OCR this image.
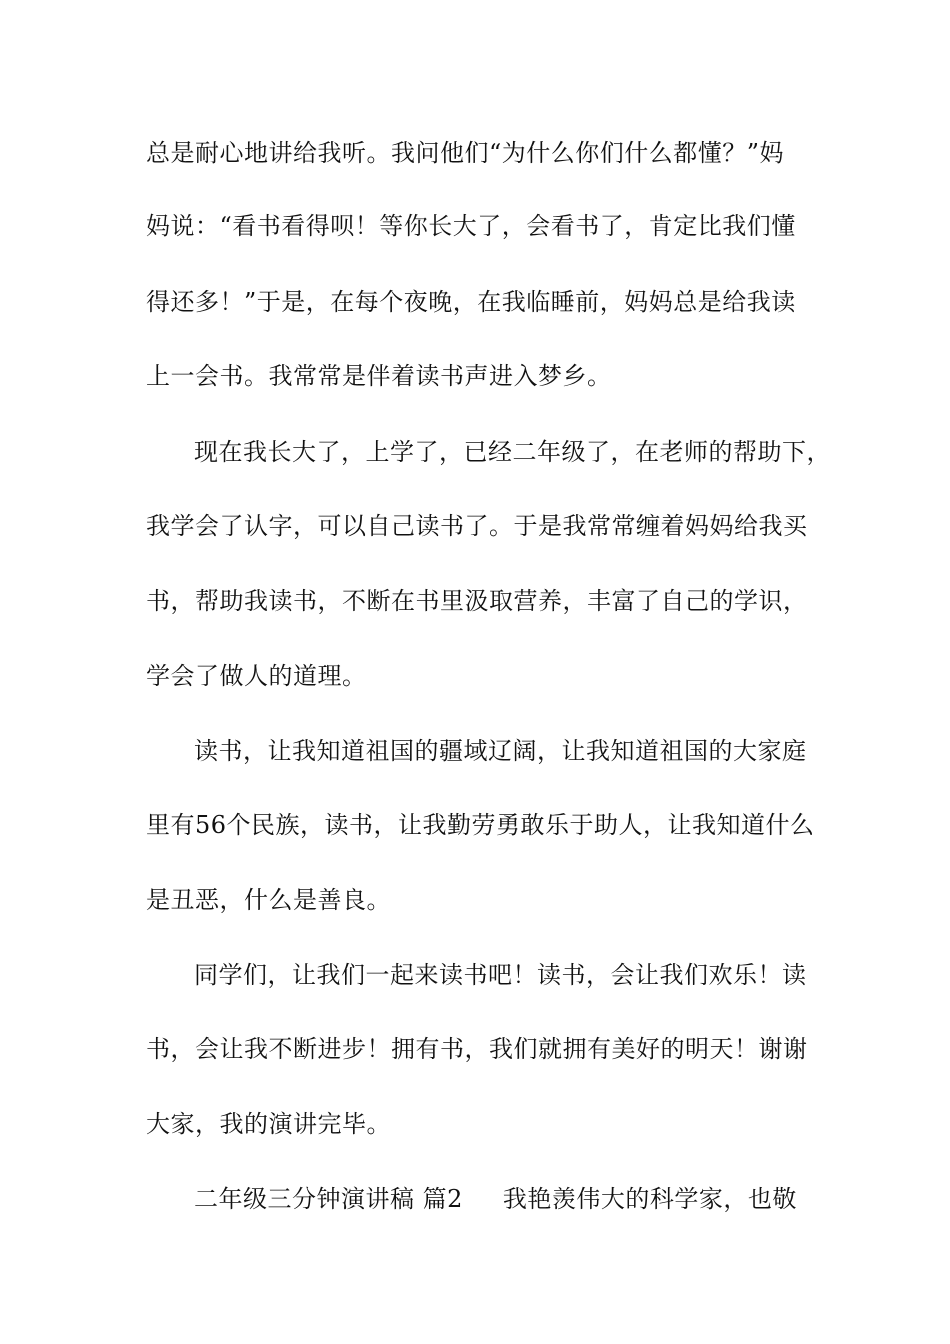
总是耐心地讲给我听。我问他们“为什么你们什么都懂？”妈
妈说：“看书看得呗！等你长大了，会看书了，肯定比我们懂
得还多！”于是，在每个夜晚，在我临睡前，妈妈总是给我读
上一会书。我常常是伴着读书声进入梦乡。
现在我长大了，上学了，已经二年级了，在老师的帮助下，
我学会了认字，可以自己读书了。于是我常常缠着妈妈给我买
书，帮助我读书，不断在书里汲取营养，丰富了自己的学识，
学会了做人的道理。
读书，让我知道祖国的疆域辽阔，让我知道祖国的大家庭
里有56个民族，读书，让我勤劳勇敢乐于助人，让我知道什么
是丑恶，什么是善良。
同学们，让我们一起来读书吧！读书，会让我们欢乐！读
书，会让我不断进步！拥有书，我们就拥有美好的明天！谢谢
大家，我的演讲完毕。
二年级三分钟演讲稿 篇2 我艳羡伟大的科学家，也敬
